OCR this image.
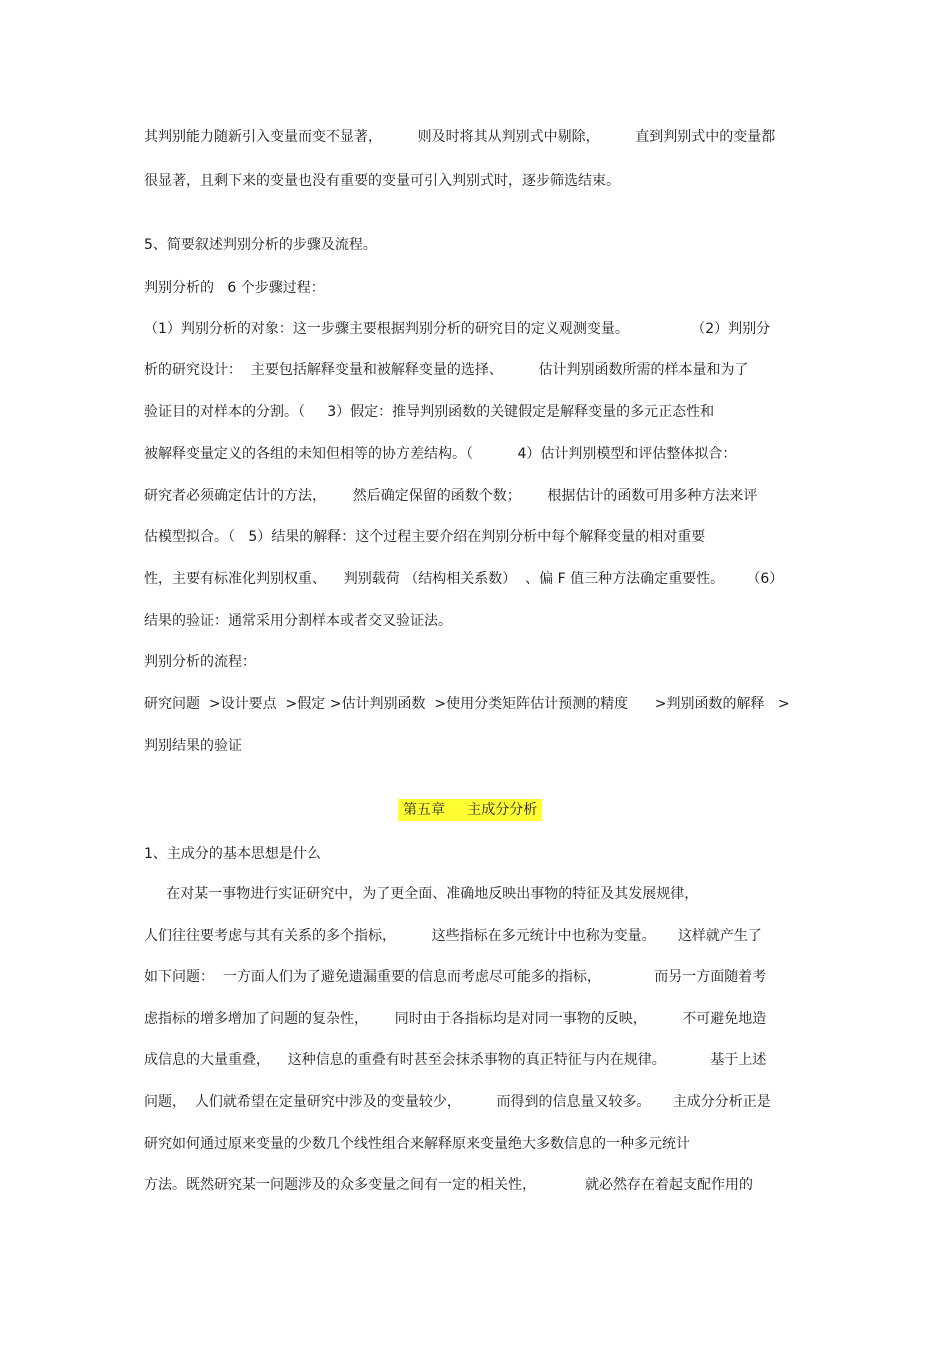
其判别能力随新引入变量而变不显著，        则及时将其从判别式中剔除，        直到判别式中的变量都
很显著，且剩下来的变量也没有重要的变量可引入判别式时，逐步筛选结束。
5、简要叙述判别分析的步骤及流程。
判别分析的   6 个步骤过程：
（1）判别分析的对象：这一步骤主要根据判别分析的研究目的定义观测变量。              （2）判别分
析的研究设计：  主要包括解释变量和被解释变量的选择、        估计判别函数所需的样本量和为了
验证目的对样本的分割。（     3）假定：推导判别函数的关键假定是解释变量的多元正态性和
被解释变量定义的各组的未知但相等的协方差结构。（          4）估计判别模型和评估整体拟合：
研究者必须确定估计的方法，      然后确定保留的函数个数；      根据估计的函数可用多种方法来评
估模型拟合。（   5）结果的解释：这个过程主要介绍在判别分析中每个解释变量的相对重要
性，主要有标准化判别权重、    判别载荷 （结构相关系数）  、偏 F 值三种方法确定重要性。     （6）
结果的验证：通常采用分割样本或者交叉验证法。
判别分析的流程：
研究问题  >设计要点  >假定 >估计判别函数  >使用分类矩阵估计预测的精度      >判别函数的解释   >
判别结果的验证
第五章     主成分分析
1、主成分的基本思想是什么
在对某一事物进行实证研究中，为了更全面、准确地反映出事物的特征及其发展规律，
人们往往要考虑与其有关系的多个指标，        这些指标在多元统计中也称为变量。     这样就产生了
如下问题：  一方面人们为了避免遗漏重要的信息而考虑尽可能多的指标，            而另一方面随着考
虑指标的增多增加了问题的复杂性，      同时由于各指标均是对同一事物的反映，        不可避免地造
成信息的大量重叠，    这种信息的重叠有时甚至会抹杀事物的真正特征与内在规律。          基于上述
问题，  人们就希望在定量研究中涉及的变量较少，        而得到的信息量又较多。     主成分分析正是
研究如何通过原来变量的少数几个线性组合来解释原来变量绝大多数信息的一种多元统计
方法。既然研究某一问题涉及的众多变量之间有一定的相关性，           就必然存在着起支配作用的
